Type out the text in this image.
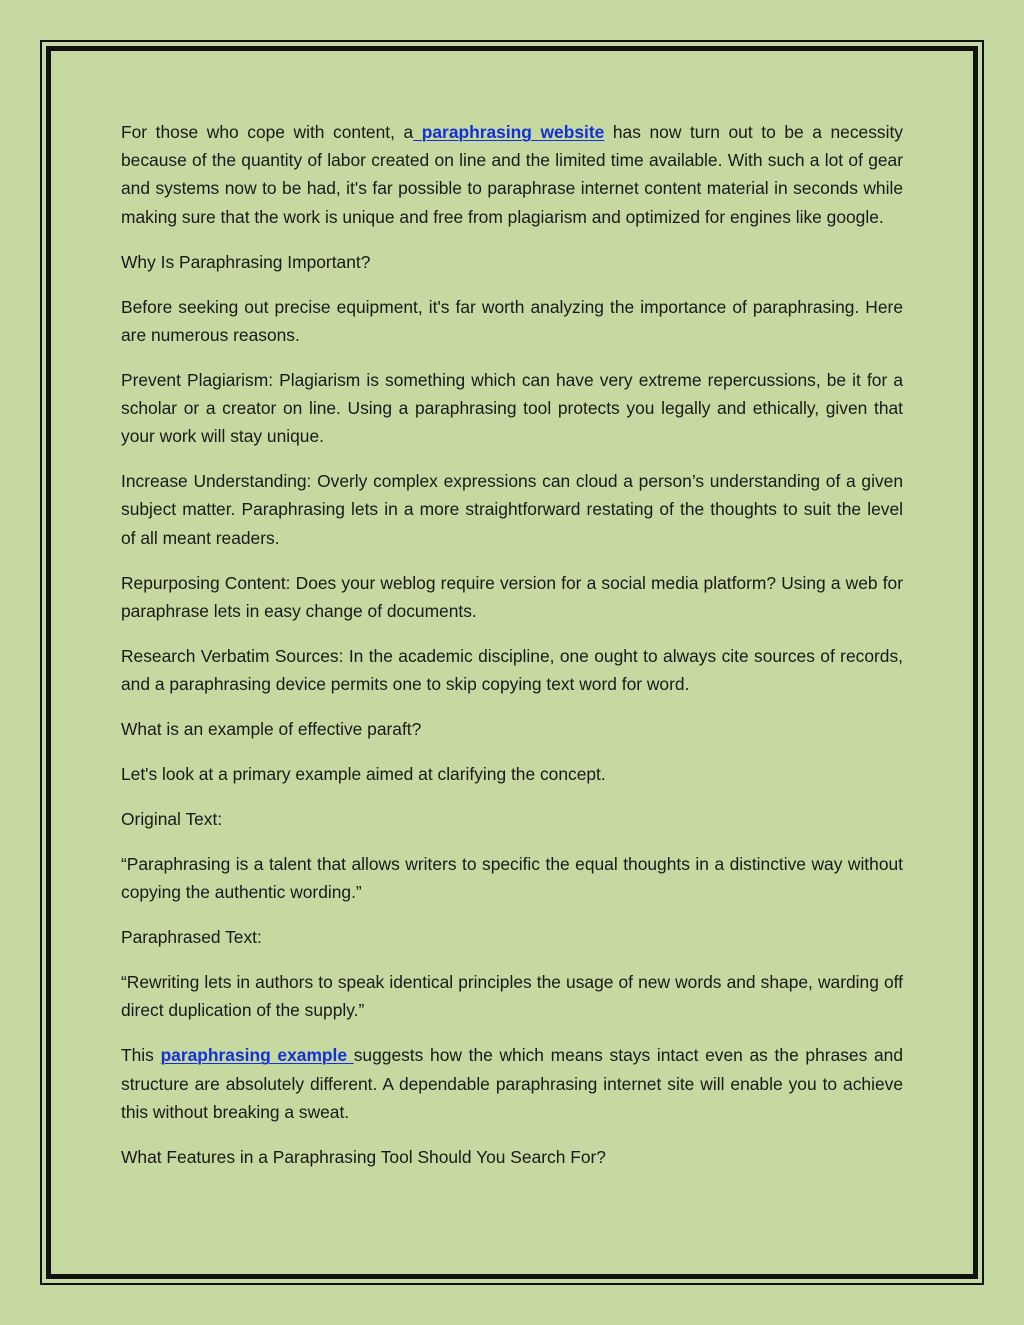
For those who cope with content, a paraphrasing website has now turn out to be a necessity because of the quantity of labor created on line and the limited time available. With such a lot of gear and systems now to be had, it's far possible to paraphrase internet content material in seconds while making sure that the work is unique and free from plagiarism and optimized for engines like google.

Why Is Paraphrasing Important?

Before seeking out precise equipment, it's far worth analyzing the importance of paraphrasing. Here are numerous reasons.

Prevent Plagiarism: Plagiarism is something which can have very extreme repercussions, be it for a scholar or a creator on line. Using a paraphrasing tool protects you legally and ethically, given that your work will stay unique.

Increase Understanding: Overly complex expressions can cloud a person’s understanding of a given subject matter. Paraphrasing lets in a more straightforward restating of the thoughts to suit the level of all meant readers.

Repurposing Content: Does your weblog require version for a social media platform? Using a web for paraphrase lets in easy change of documents.

Research Verbatim Sources: In the academic discipline, one ought to always cite sources of records, and a paraphrasing device permits one to skip copying text word for word.

What is an example of effective paraft?

Let's look at a primary example aimed at clarifying the concept.

Original Text:

“Paraphrasing is a talent that allows writers to specific the equal thoughts in a distinctive way without copying the authentic wording.”

Paraphrased Text:

“Rewriting lets in authors to speak identical principles the usage of new words and shape, warding off direct duplication of the supply.”

This paraphrasing example suggests how the which means stays intact even as the phrases and structure are absolutely different. A dependable paraphrasing internet site will enable you to achieve this without breaking a sweat.

What Features in a Paraphrasing Tool Should You Search For?
